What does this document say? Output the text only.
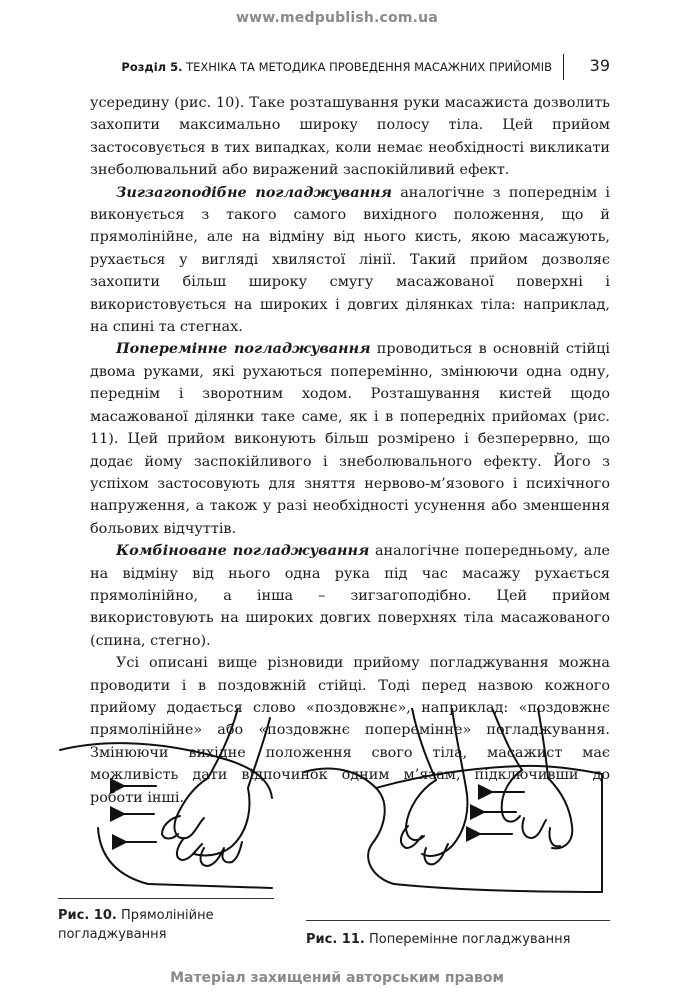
www.medpublish.com.ua
Розділ 5. ТЕХНІКА ТА МЕТОДИКА ПРОВЕДЕННЯ МАСАЖНИХ ПРИЙОМІВ 39

усередину (рис. 10). Таке розташування руки масажиста дозволить захопити максимально широку полосу тіла. Цей прийом застосовується в тих випадках, коли немає необхідності викликати знеболювальний або виражений заспокійливий ефект.

Зигзагоподібне погладжування аналогічне з попереднім і виконується з такого самого вихідного положення, що й прямолінійне, але на відміну від нього кисть, якою масажують, рухається у вигляді хвилястої лінії. Такий прийом дозволяє захопити більш широку смугу масажованої поверхні і використовується на широких і довгих ділянках тіла: наприклад, на спині та стегнах.

Поперемінне погладжування проводиться в основній стійці двома руками, які рухаються поперемінно, змінюючи одна одну, переднім і зворотним ходом. Розташування кистей щодо масажованої ділянки таке саме, як і в попередніх прийомах (рис. 11). Цей прийом виконують більш розмірено і безперервно, що додає йому заспокійливого і знеболювального ефекту. Його з успіхом застосовують для зняття нервово-м’язового і психічного напруження, а також у разі необхідності усунення або зменшення больових відчуттів.

Комбіноване погладжування аналогічне попередньому, але на відміну від нього одна рука під час масажу рухається прямолінійно, а інша – зигзагоподібно. Цей прийом використовують на широких довгих поверхнях тіла масажованого (спина, стегно).

Усі описані вище різновиди прийому погладжування можна проводити і в поздовжній стійці. Тоді перед назвою кожного прийому додається слово «поздовжнє», наприклад: «поздовжнє прямолінійне» або «поздовжнє поперемінне» погладжування. Змінюючи вихідне положення свого тіла, масажист має можливість дати відпочинок одним м’язам, підключивши до роботи інші.

Рис. 10. Прямолінійне погладжування	Рис. 11. Поперемінне погладжування
Матеріал захищений авторським правом
